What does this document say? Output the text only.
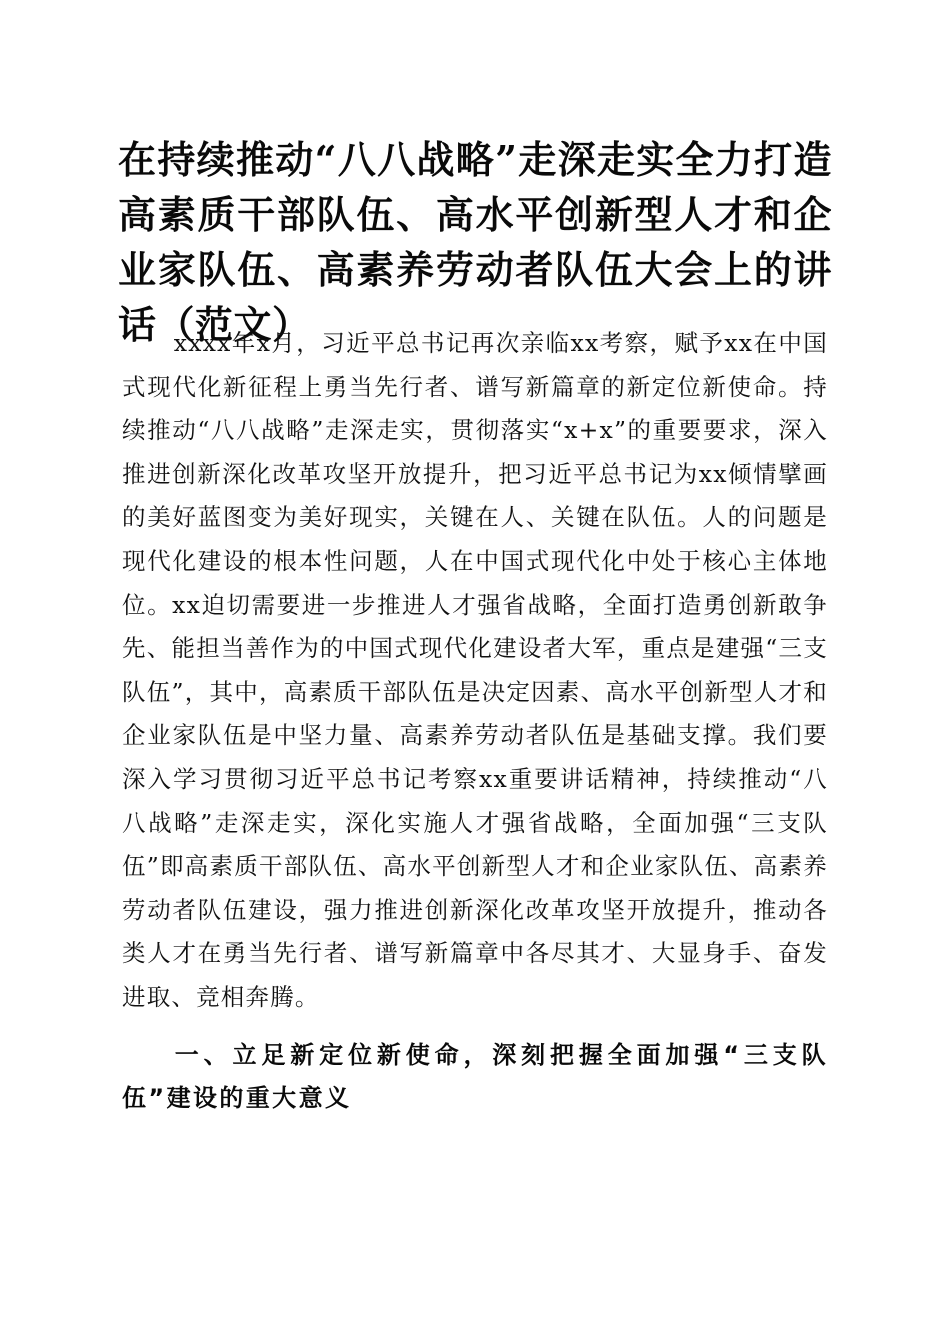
在持续推动“八八战略”走深走实全力打造高素质干部队伍、高水平创新型人才和企业家队伍、高素养劳动者队伍大会上的讲话（范文）
xxxx年x月，习近平总书记再次亲临xx考察，赋予xx在中国式现代化新征程上勇当先行者、谱写新篇章的新定位新使命。持续推动“八八战略”走深走实，贯彻落实“x+x”的重要要求，深入推进创新深化改革攻坚开放提升，把习近平总书记为xx倾情擘画的美好蓝图变为美好现实，关键在人、关键在队伍。人的问题是现代化建设的根本性问题，人在中国式现代化中处于核心主体地位。xx迫切需要进一步推进人才强省战略，全面打造勇创新敢争先、能担当善作为的中国式现代化建设者大军，重点是建强“三支队伍”，其中，高素质干部队伍是决定因素、高水平创新型人才和企业家队伍是中坚力量、高素养劳动者队伍是基础支撑。我们要深入学习贯彻习近平总书记考察xx重要讲话精神，持续推动“八八战略”走深走实，深化实施人才强省战略，全面加强“三支队伍”即高素质干部队伍、高水平创新型人才和企业家队伍、高素养劳动者队伍建设，强力推进创新深化改革攻坚开放提升，推动各类人才在勇当先行者、谱写新篇章中各尽其才、大显身手、奋发进取、竞相奔腾。
一、立足新定位新使命，深刻把握全面加强“三支队伍”建设的重大意义
